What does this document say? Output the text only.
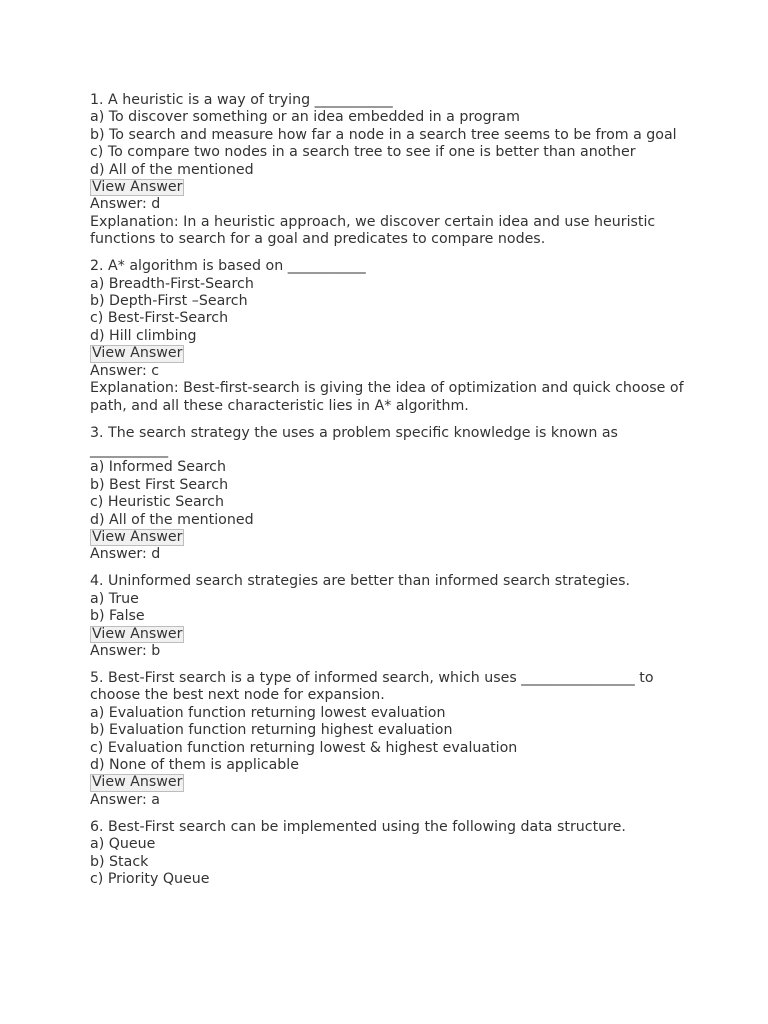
1. A heuristic is a way of trying ___________
a) To discover something or an idea embedded in a program
b) To search and measure how far a node in a search tree seems to be from a goal
c) To compare two nodes in a search tree to see if one is better than another
d) All of the mentioned
View Answer
Answer: d
Explanation: In a heuristic approach, we discover certain idea and use heuristic functions to search for a goal and predicates to compare nodes.
2. A* algorithm is based on ___________
a) Breadth-First-Search
b) Depth-First –Search
c) Best-First-Search
d) Hill climbing
View Answer
Answer: c
Explanation: Best-first-search is giving the idea of optimization and quick choose of path, and all these characteristic lies in A* algorithm.
3. The search strategy the uses a problem specific knowledge is known as ___________
a) Informed Search
b) Best First Search
c) Heuristic Search
d) All of the mentioned
View Answer
Answer: d
4. Uninformed search strategies are better than informed search strategies.
a) True
b) False
View Answer
Answer: b
5. Best-First search is a type of informed search, which uses ________________ to choose the best next node for expansion.
a) Evaluation function returning lowest evaluation
b) Evaluation function returning highest evaluation
c) Evaluation function returning lowest & highest evaluation
d) None of them is applicable
View Answer
Answer: a
6. Best-First search can be implemented using the following data structure.
a) Queue
b) Stack
c) Priority Queue
